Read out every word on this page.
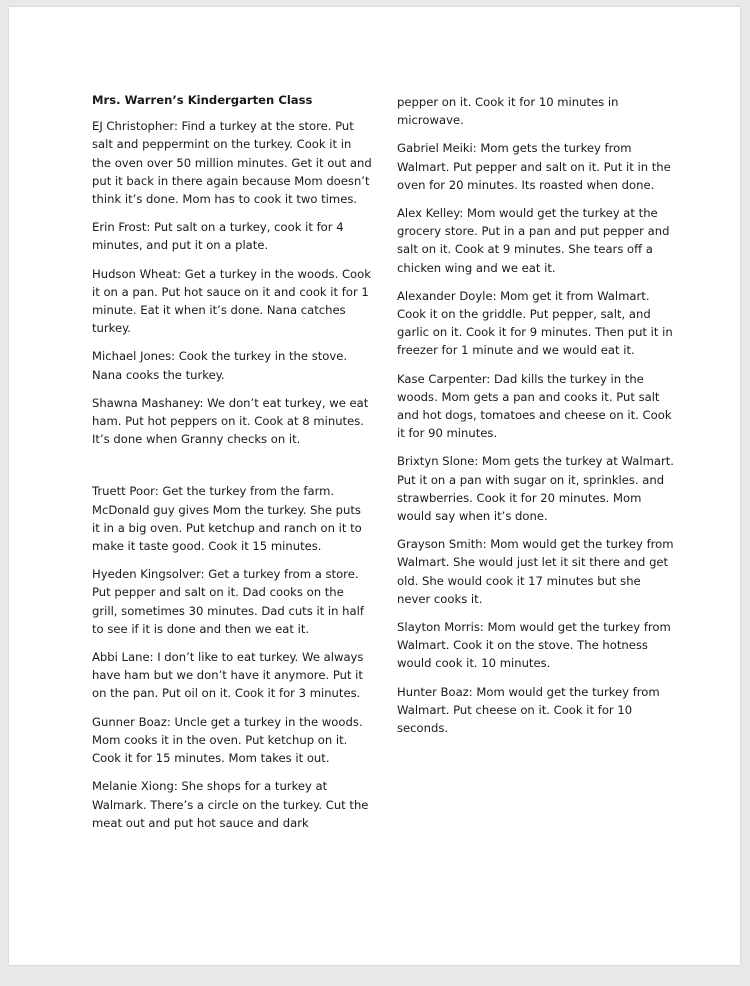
Mrs. Warren’s Kindergarten Class

EJ Christopher: Find a turkey at the store. Put salt and peppermint on the turkey. Cook it in the oven over 50 million minutes. Get it out and put it back in there again because Mom doesn’t think it’s done. Mom has to cook it two times.

Erin Frost: Put salt on a turkey, cook it for 4 minutes, and put it on a plate.

Hudson Wheat: Get a turkey in the woods. Cook it on a pan. Put hot sauce on it and cook it for 1 minute. Eat it when it’s done. Nana catches turkey.

Michael Jones: Cook the turkey in the stove. Nana cooks the turkey.

Shawna Mashaney: We don’t eat turkey, we eat ham. Put hot peppers on it. Cook at 8 minutes. It’s done when Granny checks on it.

Truett Poor: Get the turkey from the farm. McDonald guy gives Mom the turkey. She puts it in a big oven. Put ketchup and ranch on it to make it taste good. Cook it 15 minutes.

Hyeden Kingsolver: Get a turkey from a store. Put pepper and salt on it. Dad cooks on the grill, sometimes 30 minutes. Dad cuts it in half to see if it is done and then we eat it.

Abbi Lane: I don’t like to eat turkey. We always have ham but we don’t have it anymore. Put it on the pan. Put oil on it. Cook it for 3 minutes.

Gunner Boaz: Uncle get a turkey in the woods. Mom cooks it in the oven. Put ketchup on it. Cook it for 15 minutes. Mom takes it out.

Melanie Xiong: She shops for a turkey at Walmark. There’s a circle on the turkey. Cut the meat out and put hot sauce and dark

pepper on it. Cook it for 10 minutes in microwave.

Gabriel Meiki: Mom gets the turkey from Walmart. Put pepper and salt on it. Put it in the oven for 20 minutes. Its roasted when done.

Alex Kelley: Mom would get the turkey at the grocery store. Put in a pan and put pepper and salt on it. Cook at 9 minutes. She tears off a chicken wing and we eat it.

Alexander Doyle: Mom get it from Walmart. Cook it on the griddle. Put pepper, salt, and garlic on it. Cook it for 9 minutes. Then put it in freezer for 1 minute and we would eat it.

Kase Carpenter: Dad kills the turkey in the woods. Mom gets a pan and cooks it. Put salt and hot dogs, tomatoes and cheese on it. Cook it for 90 minutes.

Brixtyn Slone: Mom gets the turkey at Walmart. Put it on a pan with sugar on it, sprinkles. and strawberries. Cook it for 20 minutes. Mom would say when it’s done.

Grayson Smith: Mom would get the turkey from Walmart. She would just let it sit there and get old. She would cook it 17 minutes but she never cooks it.

Slayton Morris: Mom would get the turkey from Walmart. Cook it on the stove. The hotness would cook it. 10 minutes.

Hunter Boaz: Mom would get the turkey from Walmart. Put cheese on it. Cook it for 10 seconds.
